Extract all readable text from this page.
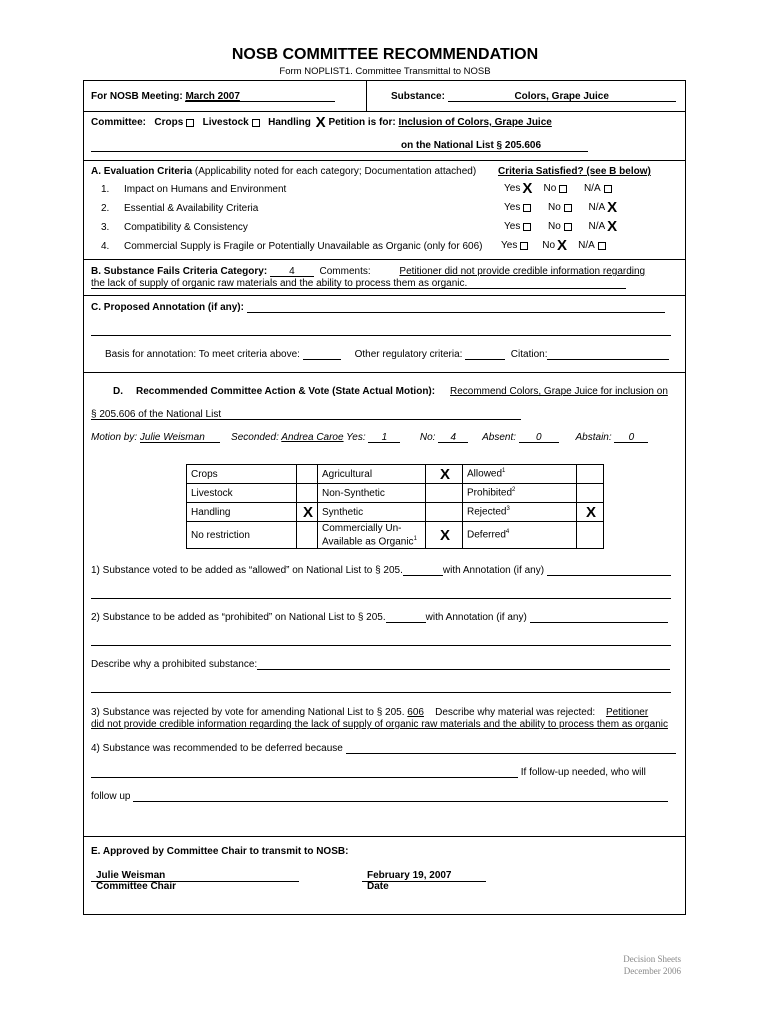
NOSB COMMITTEE RECOMMENDATION
Form NOPLIST1. Committee Transmittal to NOSB
For NOSB Meeting: March 2007	Substance:	Colors, Grape Juice
Committee: Crops Livestock Handling X Petition is for: Inclusion of Colors, Grape Juice
on the National List § 205.606
A. Evaluation Criteria (Applicability noted for each category; Documentation attached) Criteria Satisfied? (see B below)
1. Impact on Humans and Environment	Yes X No	N/A
2. Essential & Availability Criteria	Yes	No	N/A X
3. Compatibility & Consistency	Yes	No	N/A X
4. Commercial Supply is Fragile or Potentially Unavailable as Organic (only for 606) Yes No X N/A
B. Substance Fails Criteria Category: 4 Comments:	Petitioner did not provide credible information regarding
the lack of supply of organic raw materials and the ability to process them as organic.
C. Proposed Annotation (if any):
Basis for annotation: To meet criteria above:	Other regulatory criteria:	Citation:
D. Recommended Committee Action & Vote (State Actual Motion): Recommend Colors, Grape Juice for inclusion on
§ 205.606 of the National List
Motion by: Julie Weisman	Seconded: Andrea Caroe Yes: 1	No: 4	Absent: 0	Abstain: 0
Crops		Agricultural	X	Allowed$^1$	
Livestock		Non-Synthetic		Prohibited$^2$	
Handling	X	Synthetic		Rejected$^3$	X
No restriction		Commercially Un-
Available as Organic$^1$	X	Deferred$^4$	
1) Substance voted to be added as “allowed” on National List to § 205.	with Annotation (if any)
2) Substance to be added as “prohibited” on National List to § 205.	with Annotation (if any)
Describe why a prohibited substance:
3) Substance was rejected by vote for amending National List to § 205. 606 Describe why material was rejected: Petitioner
did not provide credible information regarding the lack of supply of organic raw materials and the ability to process them as organic
4) Substance was recommended to be deferred because
If follow-up needed, who will
follow up
E. Approved by Committee Chair to transmit to NOSB:
Julie Weisman
Committee Chair
February 19, 2007
Date
Decision Sheets
December 2006
